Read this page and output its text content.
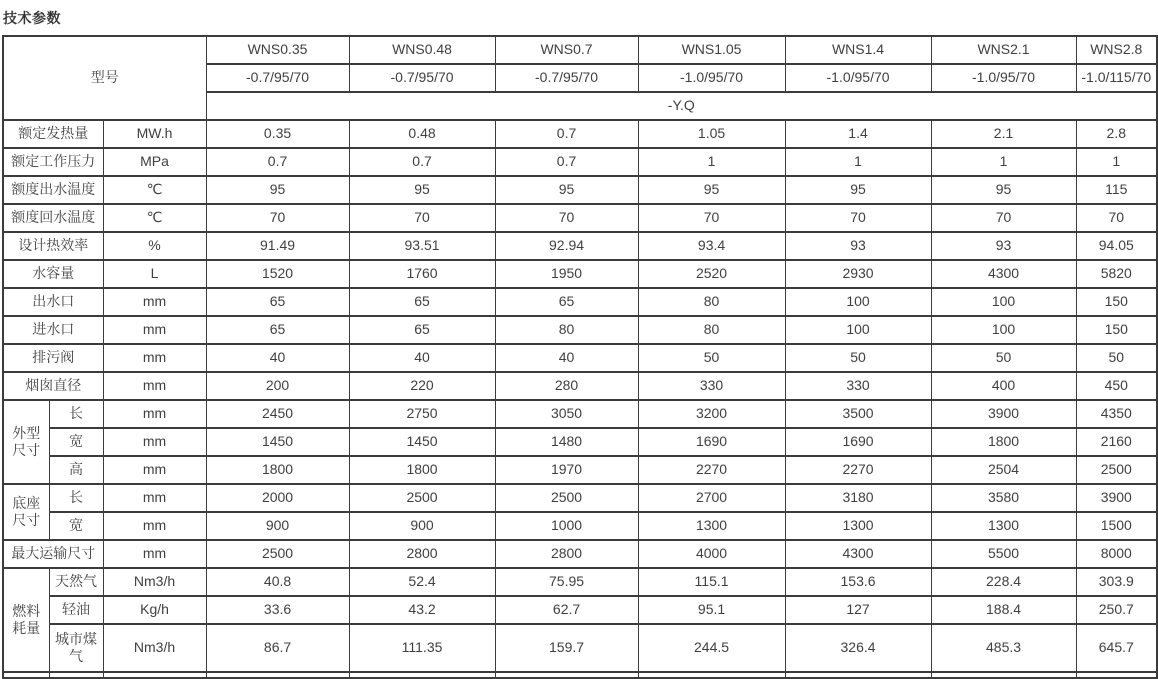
技术参数
型号			WNS0.35	WNS0.48	WNS0.7	WNS1.05	WNS1.4	WNS2.1	WNS2.8
			-0.7/95/70	-0.7/95/70	-0.7/95/70	-1.0/95/70	-1.0/95/70	-1.0/95/70	-1.0/115/70
			-Y.Q						
额定发热量		MW.h	0.35	0.48	0.7	1.05	1.4	2.1	2.8
额定工作压力		MPa	0.7	0.7	0.7	1	1	1	1
额度出水温度		℃	95	95	95	95	95	95	115
额度回水温度		℃	70	70	70	70	70	70	70
设计热效率		%	91.49	93.51	92.94	93.4	93	93	94.05
水容量		L	1520	1760	1950	2520	2930	4300	5820
出水口		mm	65	65	65	80	100	100	150
进水口		mm	65	65	80	80	100	100	150
排污阀		mm	40	40	40	50	50	50	50
烟囱直径		mm	200	220	280	330	330	400	450
外型尺寸	长	mm	2450	2750	3050	3200	3500	3900	4350
	宽	mm	1450	1450	1480	1690	1690	1800	2160
	高	mm	1800	1800	1970	2270	2270	2504	2500
底座尺寸	长	mm	2000	2500	2500	2700	3180	3580	3900
	宽	mm	900	900	1000	1300	1300	1300	1500
最大运输尺寸		mm	2500	2800	2800	4000	4300	5500	8000
燃料耗量	天然气	Nm3/h	40.8	52.4	75.95	115.1	153.6	228.4	303.9
	轻油	Kg/h	33.6	43.2	62.7	95.1	127	188.4	250.7
	城市煤气	Nm3/h	86.7	111.35	159.7	244.5	326.4	485.3	645.7
